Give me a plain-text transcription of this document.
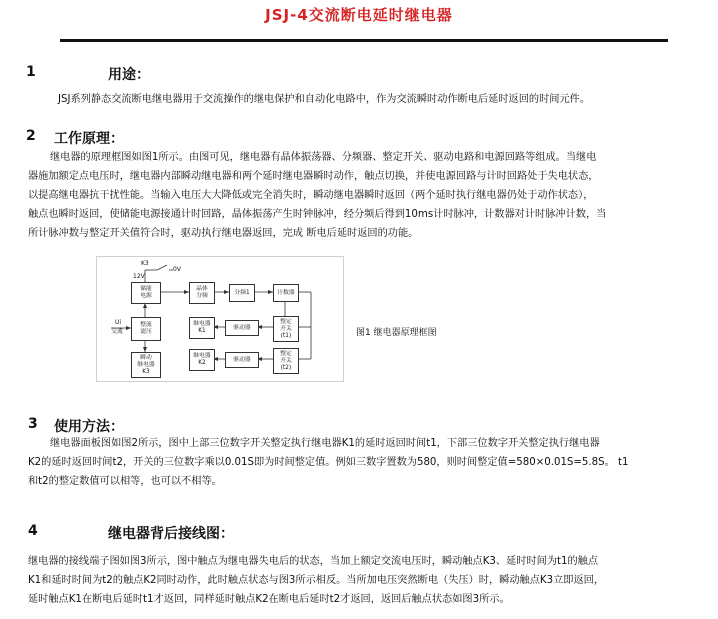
JSJ-4交流断电延时继电器
1	用途：
JSJ系列静态交流断电继电器用于交流操作的继电保护和自动化电路中，作为交流瞬时动作断电后延时返回的时间元件。
2 工作原理：
继电器的原理框图如图1所示。由图可见，继电器有晶体振荡器、分频器、整定开关、驱动电路和电源回路等组成。当继电
器施加额定点电压时，继电器内部瞬动继电器和两个延时继电器瞬时动作，触点切换，并使电源回路与计时回路处于失电状态，
以提高继电器抗干扰性能。当输入电压大大降低或完全消失时，瞬动继电器瞬时返回（两个延时执行继电器仍处于动作状态），
触点也瞬时返回，使储能电源接通计时回路，晶体振荡产生时钟脉冲，经分频后得到10ms计时脉冲，计数器对计时脉冲计数，当
所计脉冲数与整定开关值符合时，驱动执行继电器返回，完成 断电后延时返回的功能。
K3
0V
12V
Ui
交流
储能
电源
整流
滤压
瞬动
继电器
K3
晶体
分频
分频1	计数器
继电器
K1
驱动器
整定
开关
(t1)
继电器
K2
驱动器
整定
开关
(t2)
图1 继电器原理框图
3 使用方法：
继电器面板图如图2所示，图中上部三位数字开关整定执行继电器K1的延时返回时间t1，下部三位数字开关整定执行继电器
K2的延时返回时间t2，开关的三位数字乘以0.01S即为时间整定值。例如三数字置数为580，则时间整定值=580×0.01S=5.8S。 t1
和t2的整定数值可以相等，也可以不相等。
4	继电器背后接线图：
继电器的接线端子图如图3所示，图中触点为继电器失电后的状态，当加上额定交流电压时，瞬动触点K3、延时时间为t1的触点
K1和延时时间为t2的触点K2同时动作，此时触点状态与图3所示相反。当所加电压突然断电（失压）时，瞬动触点K3立即返回，
延时触点K1在断电后延时t1才返回，同样延时触点K2在断电后延时t2才返回，返回后触点状态如图3所示。
